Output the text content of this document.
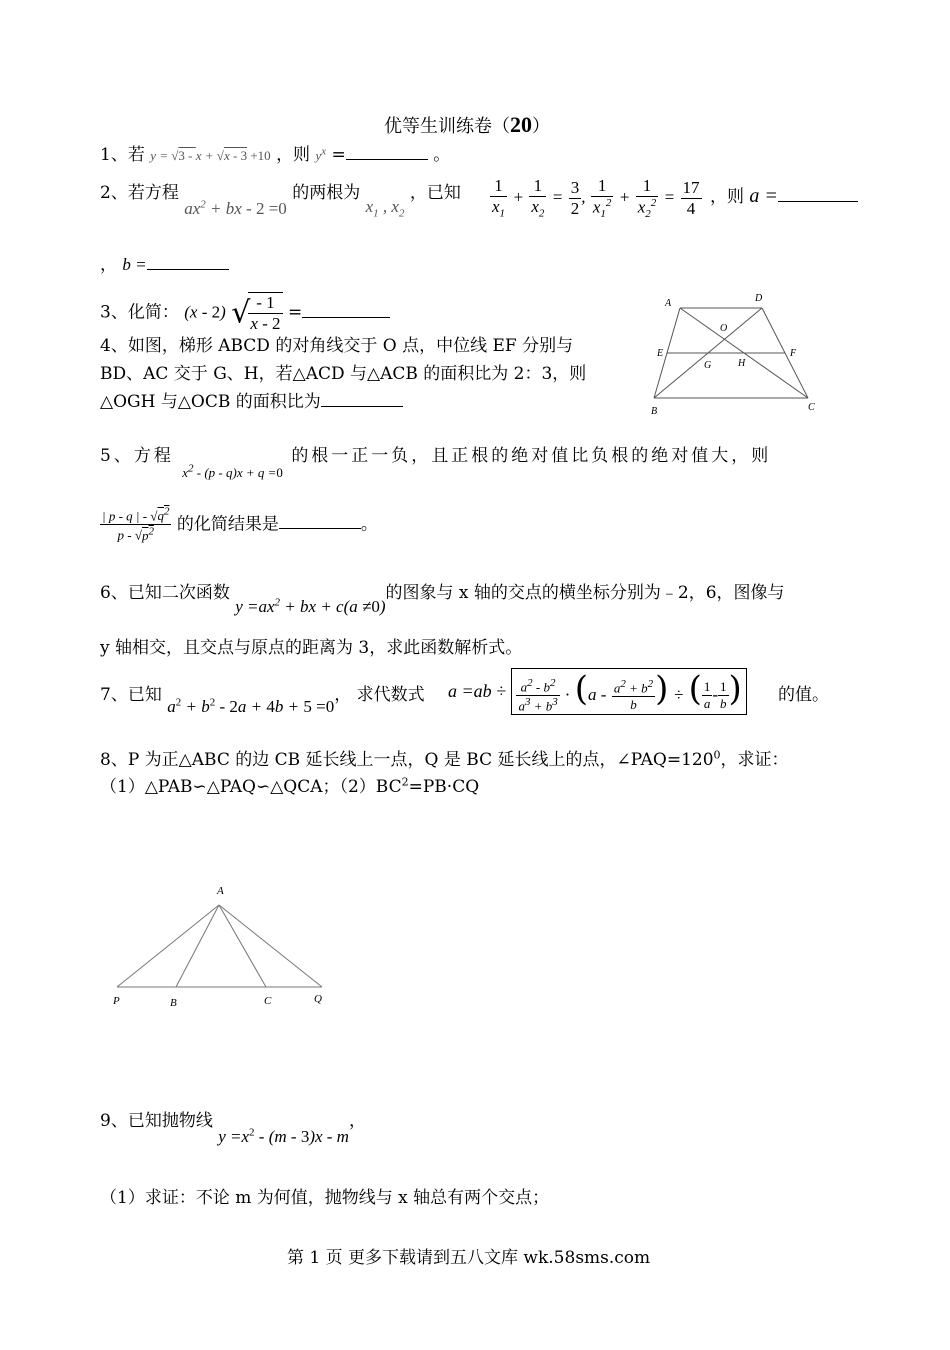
优等生训练卷（20）
1、若 y = √3 - x + √x - 3 +10 ，则 $y^x$ =	。
2、若方程 $ax^2$ + bx - 2 =0 的两根为 $x_1$ , $x_2$ ，已知 $\frac{1}{x_1} + \frac{1}{x_2} = \frac{3}{2}$ , $\frac{1}{x_1^2} + \frac{1}{x_2^2} = \frac{17}{4}$ ，则 a =
， b =
3、化简： (x - 2) √
$\frac{- 1}{x - 2}$ =
4、如图，梯形 ABCD 的对角线交于 O 点，中位线 EF 分别与
BD、AC 交于 G、H，若△ACD 与△ACB 的面积比为 2：3，则
△OGH 与△OCB 的面积比为
A	D
O
E	F
G	H
B	C
5、方程 $_{x^2 - (p - q)x + q =0}$ 的根一正一负，且正根的绝对值比负根的绝对值大，则
$\frac{| p - q | - √q^2}{p - √p^2}$ 的化简结果是	。
6、已知二次函数 $y =ax^2$ + bx + c(a ≠0)的图象与 x 轴的交点的横坐标分别为﹣2，6，图像与
y 轴相交，且交点与原点的距离为 3，求此函数解析式。
7、已知 $a^2 + b^2 - 2a + 4b + 5 =0$， 求代数式 $a =ab \div \frac{a^2 - b^2}{a^3 + b^3} \cdot (a - \frac{a^2 + b^2}{b}$ ) ÷ ( $\frac{1}{a} - \frac{1}{b}$ ) 的值。
8、P 为正△ABC 的边 CB 延长线上一点，Q 是 BC 延长线上的点，$\angle PAQ=120^0$，求证：
（1）△PAB∽△PAQ∽△QCA；$(2)BC^2=PB\cdot CQ$
A
P	B	C	Q
9、已知抛物线 $y =x^2 - (m - 3)x - m$，
（1）求证：不论 m 为何值，抛物线与 x 轴总有两个交点；
第 1 页 更多下载请到五八文库 wk.58sms.com
